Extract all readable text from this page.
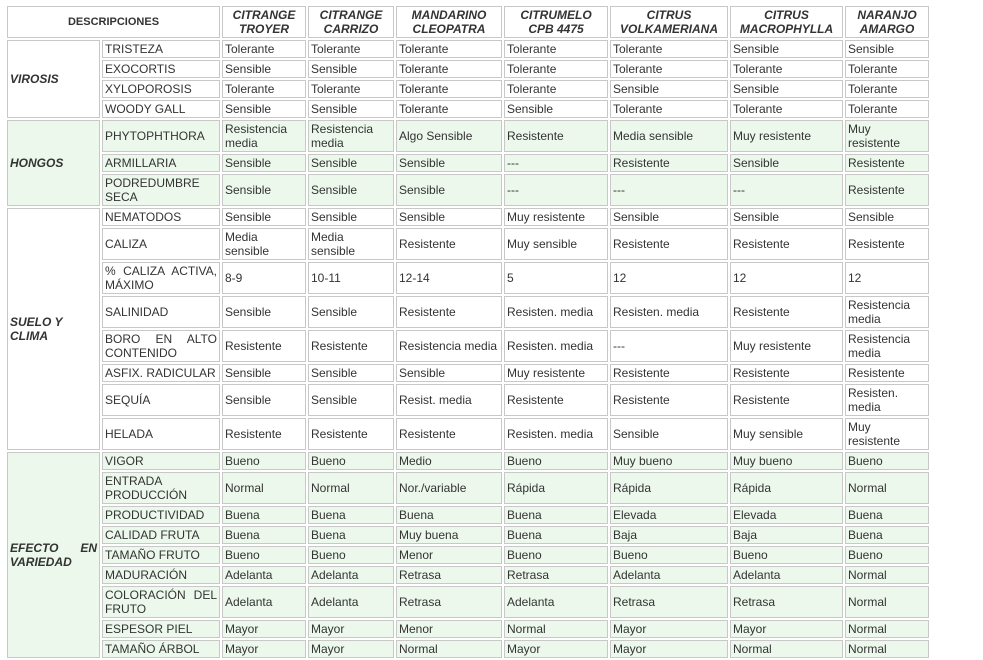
DESCRIPCIONES		CITRANGE TROYER	CITRANGE CARRIZO	MANDARINO CLEOPATRA	CITRUMELO CPB 4475	CITRUS VOLKAMERIANA	CITRUS MACROPHYLLA	NARANJO AMARGO
VIROSIS	TRISTEZA	Tolerante	Tolerante	Tolerante	Tolerante	Tolerante	Sensible	Sensible
	EXOCORTIS	Sensible	Sensible	Tolerante	Tolerante	Tolerante	Tolerante	Tolerante
	XYLOPOROSIS	Tolerante	Tolerante	Tolerante	Tolerante	Sensible	Sensible	Tolerante
	WOODY GALL	Sensible	Sensible	Tolerante	Sensible	Tolerante	Tolerante	Tolerante
HONGOS	PHYTOPHTHORA	Resistencia media	Resistencia media	Algo Sensible	Resistente	Media sensible	Muy resistente	Muy resistente
	ARMILLARIA	Sensible	Sensible	Sensible	---	Resistente	Sensible	Resistente
	PODREDUMBRE SECA	Sensible	Sensible	Sensible	---	---	---	Resistente
SUELO Y CLIMA	NEMATODOS	Sensible	Sensible	Sensible	Muy resistente	Sensible	Sensible	Sensible
	CALIZA	Media sensible	Media sensible	Resistente	Muy sensible	Resistente	Resistente	Resistente
	% CALIZA ACTIVA, MÁXIMO	8-9	10-11	12-14	5	12	12	12
	SALINIDAD	Sensible	Sensible	Resistente	Resisten. media	Resisten. media	Resistente	Resistencia media
	BORO EN ALTO CONTENIDO	Resistente	Resistente	Resistencia media	Resisten. media	---	Muy resistente	Resistencia media
	ASFIX. RADICULAR	Sensible	Sensible	Sensible	Muy resistente	Resistente	Resistente	Resistente
	SEQUÍA	Sensible	Sensible	Resist. media	Resistente	Resistente	Resistente	Resisten. media
	HELADA	Resistente	Resistente	Resistente	Resisten. media	Sensible	Muy sensible	Muy resistente
EFECTO EN VARIEDAD	VIGOR	Bueno	Bueno	Medio	Bueno	Muy bueno	Muy bueno	Bueno
	ENTRADA PRODUCCIÓN	Normal	Normal	Nor./variable	Rápida	Rápida	Rápida	Normal
	PRODUCTIVIDAD	Buena	Buena	Buena	Buena	Elevada	Elevada	Buena
	CALIDAD FRUTA	Buena	Buena	Muy buena	Buena	Baja	Baja	Buena
	TAMAÑO FRUTO	Bueno	Bueno	Menor	Bueno	Bueno	Bueno	Bueno
	MADURACIÓN	Adelanta	Adelanta	Retrasa	Retrasa	Adelanta	Adelanta	Normal
	COLORACIÓN DEL FRUTO	Adelanta	Adelanta	Retrasa	Adelanta	Retrasa	Retrasa	Normal
	ESPESOR PIEL	Mayor	Mayor	Menor	Normal	Mayor	Mayor	Normal
	TAMAÑO ÁRBOL	Mayor	Mayor	Normal	Mayor	Mayor	Normal	Normal
